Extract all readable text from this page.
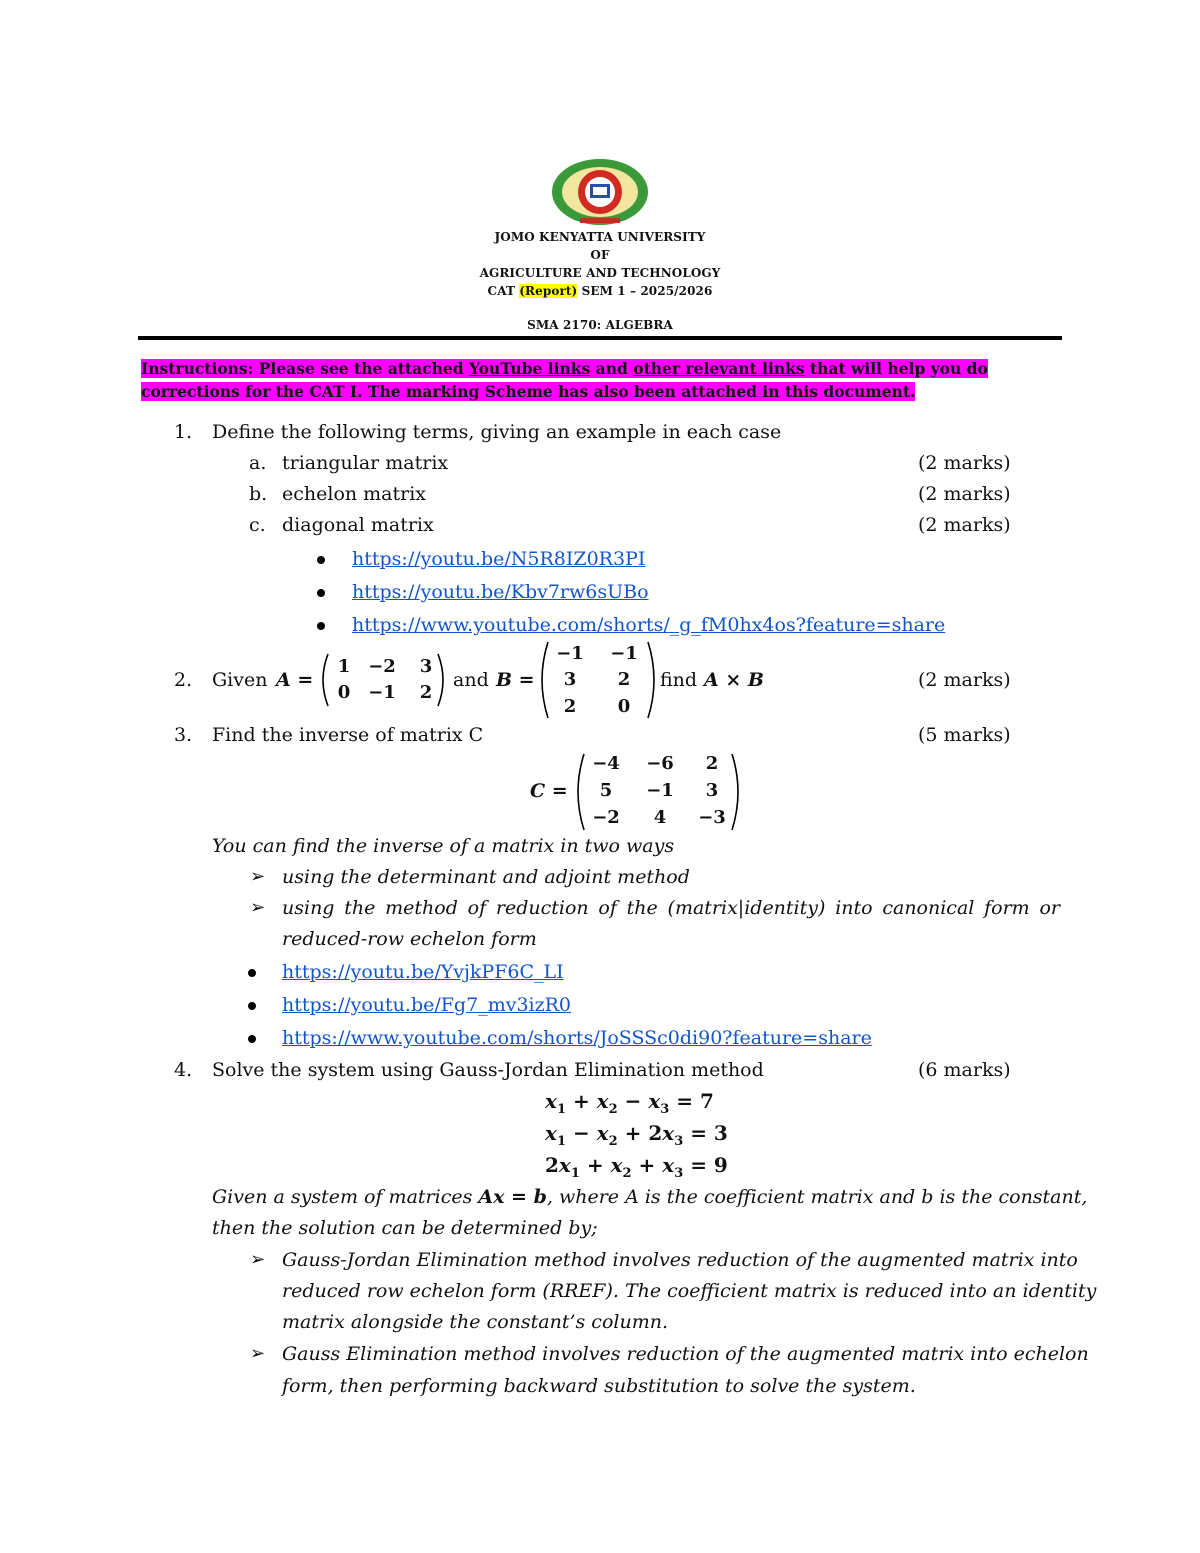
JOMO KENYATTA UNIVERSITY
OF
AGRICULTURE AND TECHNOLOGY
CAT (Report) SEM 1 – 2025/2026
SMA 2170: ALGEBRA
Instructions: Please see the attached YouTube links and other relevant links that will help you do corrections for the CAT I. The marking Scheme has also been attached in this document.
1. Define the following terms, giving an example in each case
a. triangular matrix	(2 marks)
b. echelon matrix	(2 marks)
c. diagonal matrix	(2 marks)
https://youtu.be/N5R8IZ0R3PI
https://youtu.be/Kbv7rw6sUBo
https://www.youtube.com/shorts/_g_fM0hx4os?feature=share
2. Given A =
1 −2	3
0 −1	2
and B =
−1	−1
3	2
2	0
find A × B	(2 marks)
3. Find the inverse of matrix C	(5 marks)
C =
−4	−6	2
5	−1	3
−2	4	−3
You can find the inverse of a matrix in two ways
➢ using the determinant and adjoint method
➢ using the method of reduction of the (matrix|identity) into canonical form or
reduced-row echelon form
https://youtu.be/YvjkPF6C_LI
https://youtu.be/Fg7_mv3izR0
https://www.youtube.com/shorts/JoSSSc0di90?feature=share
4. Solve the system using Gauss-Jordan Elimination method	(6 marks)
$x_1 + x_2 - x_3 = 7$
$x_1 - x_2 + 2x_3 = 3$
$2x_1 + x_2 + x_3 = 9$
Given a system of matrices Ax = b, where A is the coefficient matrix and b is the constant,
then the solution can be determined by;
➢ Gauss-Jordan Elimination method involves reduction of the augmented matrix into
reduced row echelon form (RREF). The coefficient matrix is reduced into an identity
matrix alongside the constant’s column.
➢ Gauss Elimination method involves reduction of the augmented matrix into echelon
form, then performing backward substitution to solve the system.
